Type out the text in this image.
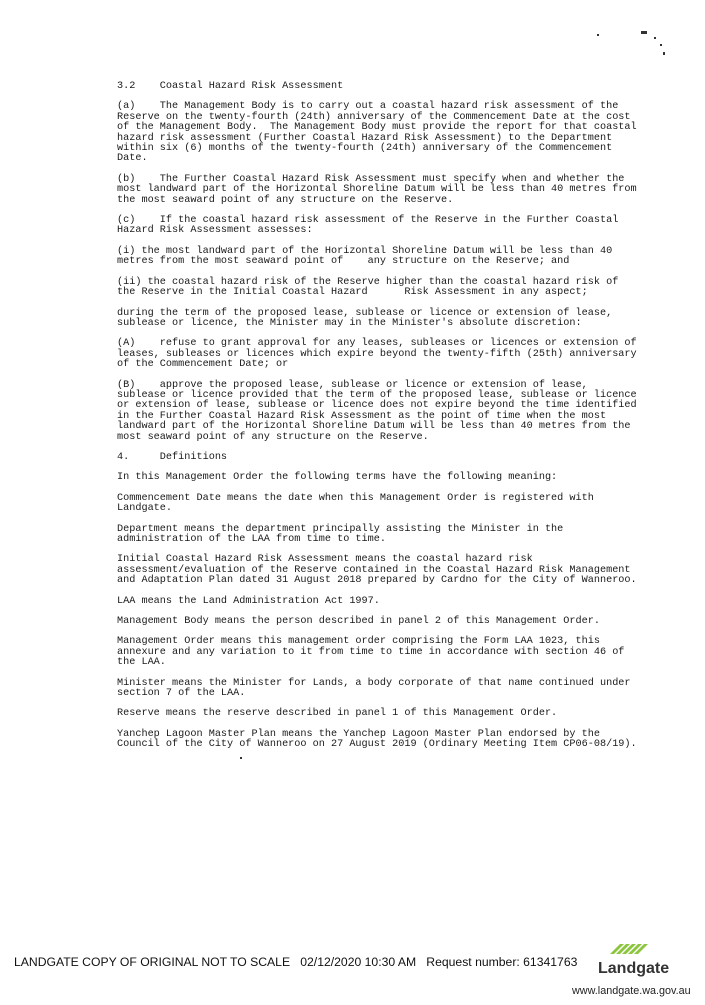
3.2    Coastal Hazard Risk Assessment

(a)    The Management Body is to carry out a coastal hazard risk assessment of the Reserve on the twenty-fourth (24th) anniversary of the Commencement Date at the cost of the Management Body.  The Management Body must provide the report for that coastal hazard risk assessment (Further Coastal Hazard Risk Assessment) to the Department within six (6) months of the twenty-fourth (24th) anniversary of the Commencement Date.

(b)    The Further Coastal Hazard Risk Assessment must specify when and whether the most landward part of the Horizontal Shoreline Datum will be less than 40 metres from the most seaward point of any structure on the Reserve.

(c)    If the coastal hazard risk assessment of the Reserve in the Further Coastal Hazard Risk Assessment assesses:

(i) the most landward part of the Horizontal Shoreline Datum will be less than 40 metres from the most seaward point of    any structure on the Reserve; and

(ii) the coastal hazard risk of the Reserve higher than the coastal hazard risk of the Reserve in the Initial Coastal Hazard      Risk Assessment in any aspect;

during the term of the proposed lease, sublease or licence or extension of lease, sublease or licence, the Minister may in the Minister's absolute discretion:

(A)    refuse to grant approval for any leases, subleases or licences or extension of leases, subleases or licences which expire beyond the twenty-fifth (25th) anniversary of the Commencement Date; or

(B)    approve the proposed lease, sublease or licence or extension of lease, sublease or licence provided that the term of the proposed lease, sublease or licence or extension of lease, sublease or licence does not expire beyond the time identified in the Further Coastal Hazard Risk Assessment as the point of time when the most landward part of the Horizontal Shoreline Datum will be less than 40 metres from the most seaward point of any structure on the Reserve.

4.     Definitions

In this Management Order the following terms have the following meaning:

Commencement Date means the date when this Management Order is registered with Landgate.

Department means the department principally assisting the Minister in the administration of the LAA from time to time.

Initial Coastal Hazard Risk Assessment means the coastal hazard risk assessment/evaluation of the Reserve contained in the Coastal Hazard Risk Management and Adaptation Plan dated 31 August 2018 prepared by Cardno for the City of Wanneroo.

LAA means the Land Administration Act 1997.

Management Body means the person described in panel 2 of this Management Order.

Management Order means this management order comprising the Form LAA 1023, this annexure and any variation to it from time to time in accordance with section 46 of the LAA.

Minister means the Minister for Lands, a body corporate of that name continued under section 7 of the LAA.

Reserve means the reserve described in panel 1 of this Management Order.

Yanchep Lagoon Master Plan means the Yanchep Lagoon Master Plan endorsed by the Council of the City of Wanneroo on 27 August 2019 (Ordinary Meeting Item CP06-08/19).

LANDGATE COPY OF ORIGINAL NOT TO SCALE   02/12/2020 10:30 AM   Request number: 61341763 Landgate
www.landgate.wa.gov.au
